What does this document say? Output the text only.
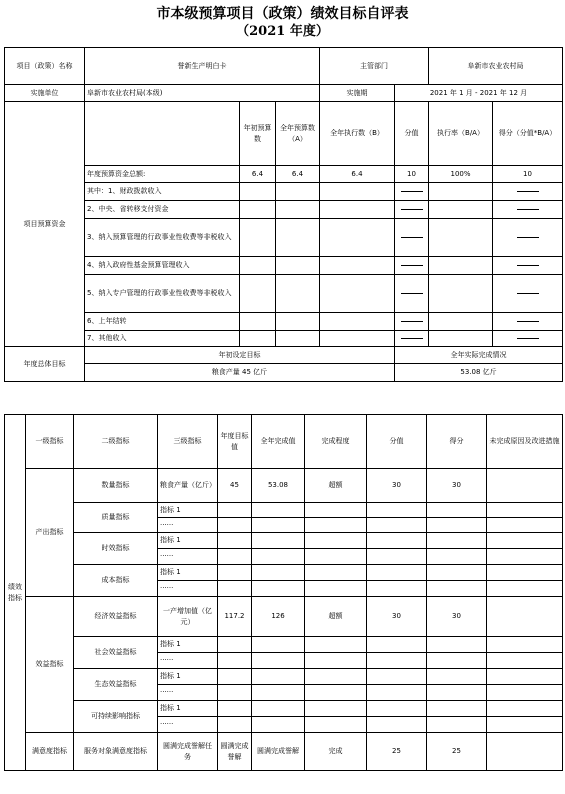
市本级预算项目（政策）绩效目标自评表
（2021 年度）
项目（政策）名称	誉新生产明白卡			主管部门		阜新市农业农村局	
实施单位	阜新市农业农村局(本级)			实施期	2021 年 1 月 - 2021 年 12 月		
项目预算资金		年初预算数	全年预算数（A）	全年执行数（B）	分值	执行率（B/A）	得分（分值*B/A）
	年度预算资金总额:	6.4	6.4	6.4	10	100%	10
	其中：1、财政拨款收入				

	2、中央、省转移支付资金				

	3、纳入预算管理的行政事业性收费等非税收入				

	4、纳入政府性基金预算管理收入				

	5、纳入专户管理的行政事业性收费等非税收入				

	6、上年结转				

	7、其他收入				

年度总体目标	年初设定目标				全年实际完成情况		
	粮食产量 45 亿斤				53.08 亿斤		
绩效指标	一级指标	二级指标	三级指标	年度目标值	全年完成值	完成程度	分值	得分	未完成原因及改进措施
	产出指标	数量指标	粮食产量（亿斤）	45	53.08	超额	30	30	
		质量指标	指标 1						
			······						
		时效指标	指标 1						
			······						
		成本指标	指标 1						
			······						
	效益指标	经济效益指标	一产增加值（亿元）	117.2	126	超额	30	30	
		社会效益指标	指标 1						
			······						
		生态效益指标	指标 1						
			······						
		可持续影响指标	指标 1						
			······						
	满意度指标	服务对象满意度指标	圆满完成誉解任务	圆满完成誉解	圆满完成誉解	完成	25	25	
